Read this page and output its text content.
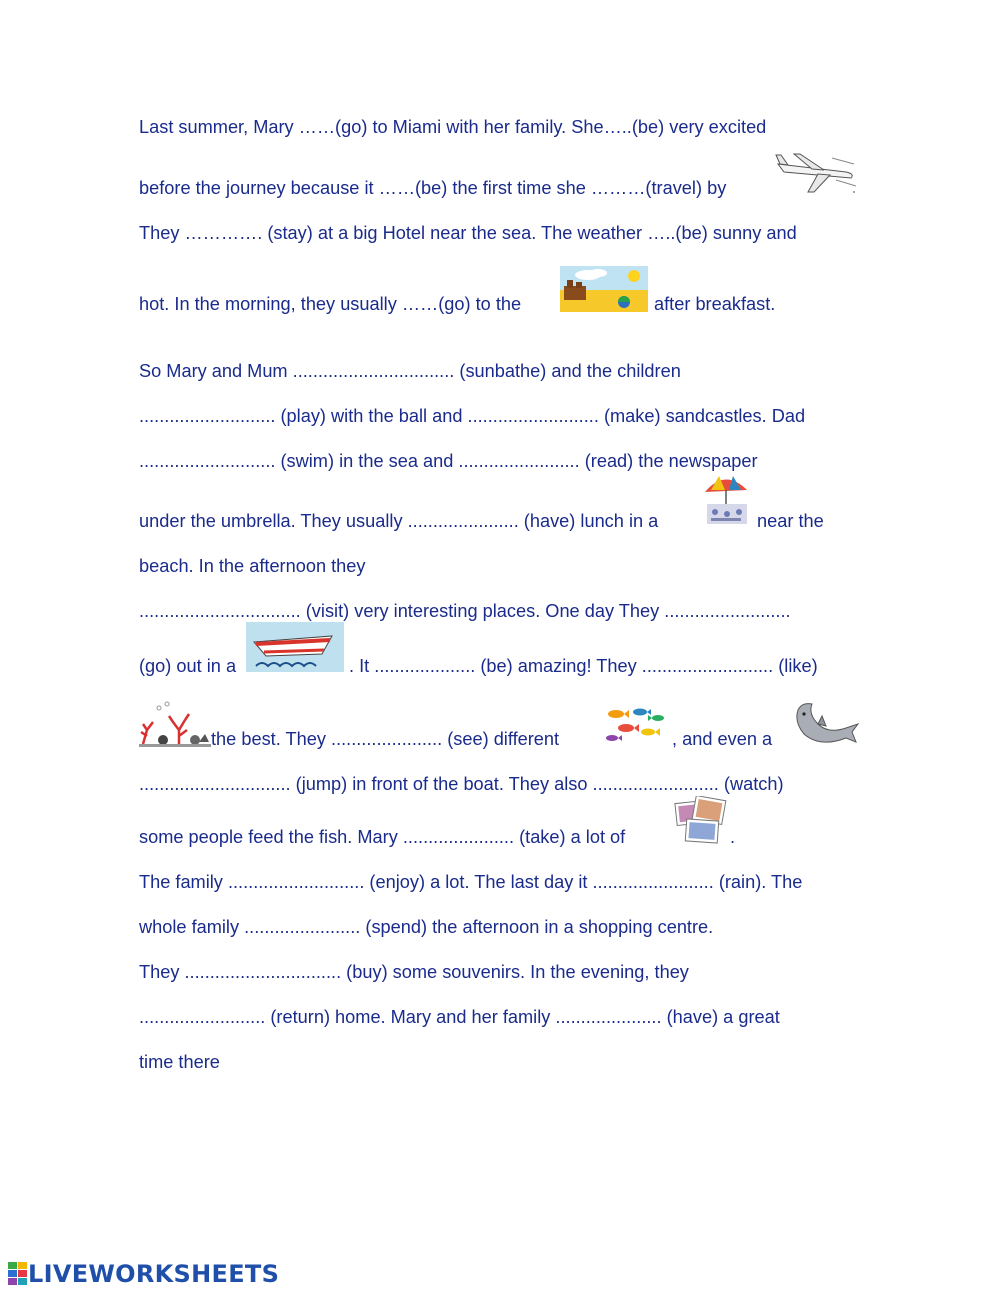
Last summer, Mary ……(go) to Miami with her family. She…..(be) very excited
before the journey because it ……(be) the first time she ………(travel) by
They …………. (stay) at a big Hotel near the sea. The weather …..(be) sunny and
hot. In the morning, they usually ……(go) to the	after breakfast.
So Mary and Mum ................................ (sunbathe) and the children
........................... (play) with the ball and .......................... (make) sandcastles. Dad
........................... (swim) in the sea and ........................ (read) the newspaper
under the umbrella. They usually ...................... (have) lunch in a	near the
beach. In the afternoon they
................................ (visit) very interesting places. One day They .........................
(go) out in a	. It .................... (be) amazing! They .......................... (like)
the best. They ...................... (see) different	, and even a
.............................. (jump) in front of the boat. They also ......................... (watch)
some people feed the fish. Mary ...................... (take) a lot of	.
The family ........................... (enjoy) a lot. The last day it ........................ (rain). The
whole family ....................... (spend) the afternoon in a shopping centre.
They ............................... (buy) some souvenirs. In the evening, they
......................... (return) home. Mary and her family ..................... (have) a great
time there
LIVEWORKSHEETS
